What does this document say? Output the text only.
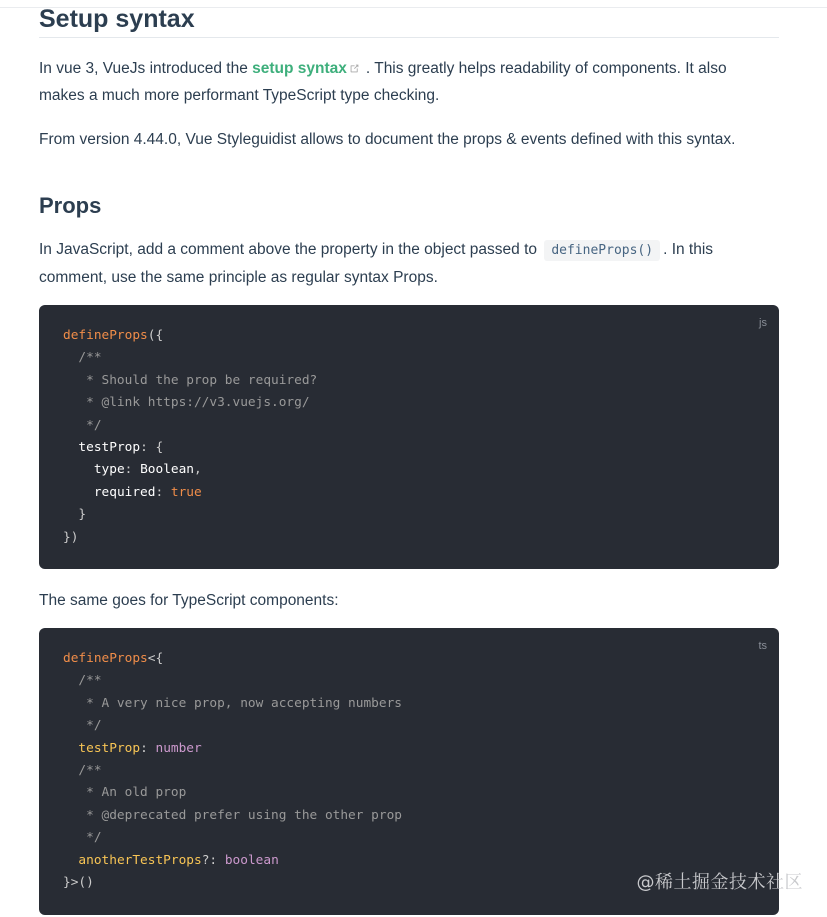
Setup syntax

In vue 3, VueJs introduced the setup syntax . This greatly helps readability of components. It also makes a much more performant TypeScript type checking.

From version 4.44.0, Vue Styleguidist allows to document the props & events defined with this syntax.

Props

In JavaScript, add a comment above the property in the object passed to defineProps() . In this comment, use the same principle as regular syntax Props.

js
defineProps({
/**
* Should the prop be required?
* @link https://v3.vuejs.org/
*/
testProp: {
type: Boolean,
required: true
}
})

The same goes for TypeScript components:

ts
defineProps<{
/**
* A very nice prop, now accepting numbers
*/
testProp: number
/**
* An old prop
* @deprecated prefer using the other prop
*/
anotherTestProps?: boolean
}>()	@稀土掘金技术社区
